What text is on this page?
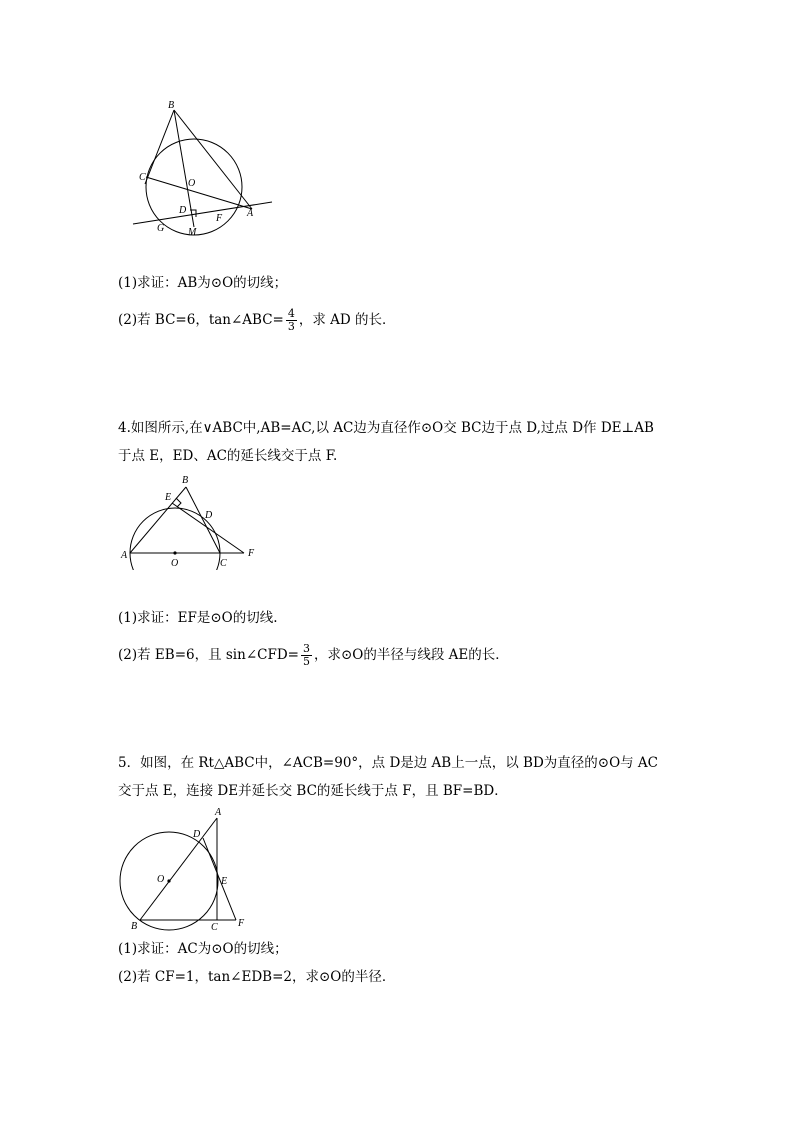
B
C
O
D	A
G M
F
(1)求证：AB为⊙O的切线；
(2)若 BC=6，tan∠ABC= $\frac{4}{3}$ ，求 AD 的长．
4.如图所示,在∨ABC中,AB=AC,以 AC边为直径作⊙O交 BC边于点 D,过点 D作 DE⊥AB
于点 E，ED、AC的延长线交于点 F.
B
E
D
A
O	C
F
(1)求证：EF是⊙O的切线.
(2)若 EB=6，且 sin∠CFD= $\frac{3}{5}$ ，求⊙O的半径与线段 AE的长．
5．如图，在 Rt△ABC中，∠ACB=90°，点 D是边 AB上一点，以 BD为直径的⊙O与 AC
交于点 E，连接 DE并延长交 BC的延长线于点 F，且 BF=BD．
A
D
O	E
B	C F
(1)求证：AC为⊙O的切线；
(2)若 CF=1，tan∠EDB=2，求⊙O的半径．
